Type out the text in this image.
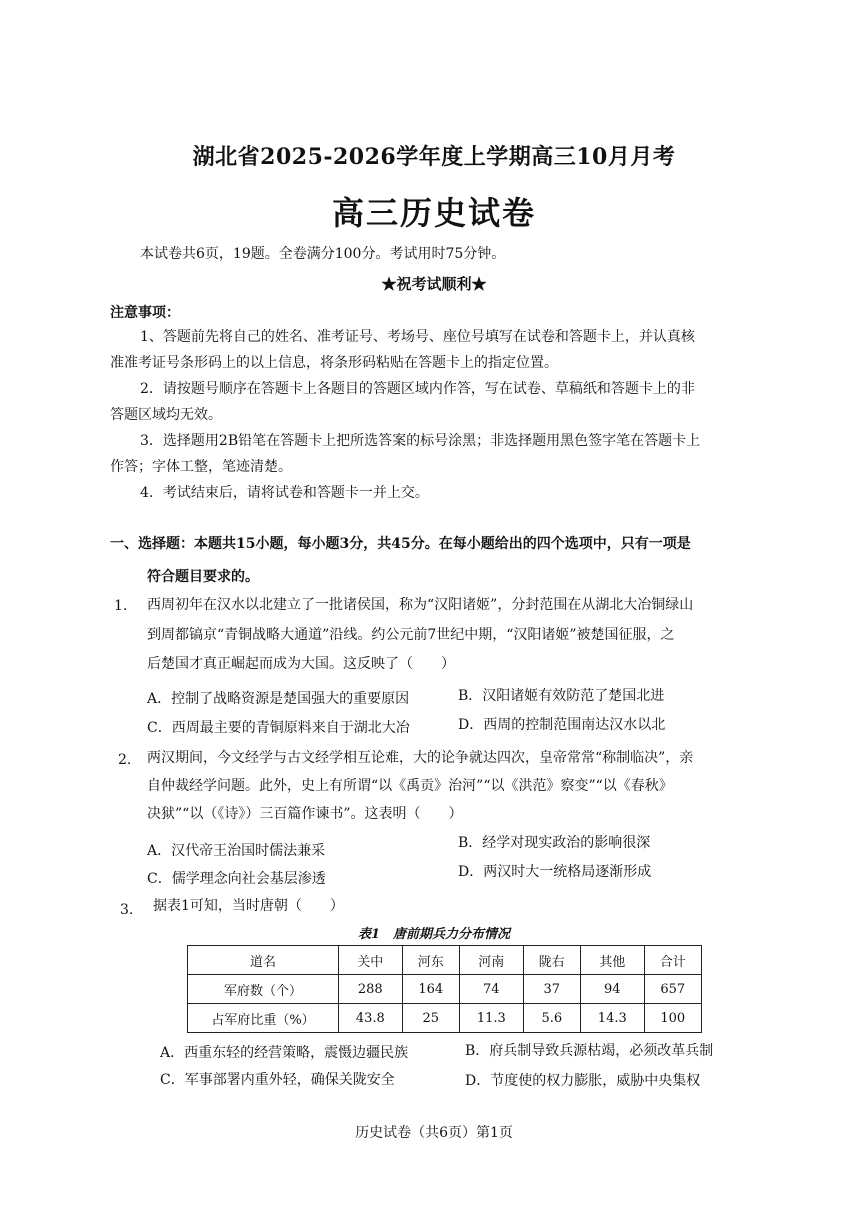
湖北省2025-2026学年度上学期高三10月月考
高三历史试卷
本试卷共6页，19题。全卷满分100分。考试用时75分钟。
★祝考试顺利★
注意事项：
1、答题前先将自己的姓名、准考证号、考场号、座位号填写在试卷和答题卡上，并认真核
准准考证号条形码上的以上信息，将条形码粘贴在答题卡上的指定位置。
2．请按题号顺序在答题卡上各题目的答题区域内作答，写在试卷、草稿纸和答题卡上的非
答题区域均无效。
3．选择题用2B铅笔在答题卡上把所选答案的标号涂黑；非选择题用黑色签字笔在答题卡上
作答；字体工整，笔迹清楚。
4．考试结束后，请将试卷和答题卡一并上交。
一、选择题：本题共15小题，每小题3分，共45分。在每小题给出的四个选项中，只有一项是
符合题目要求的。
1. 西周初年在汉水以北建立了一批诸侯国，称为“汉阳诸姬”，分封范围在从湖北大冶铜绿山
到周都镐京“青铜战略大通道”沿线。约公元前7世纪中期，“汉阳诸姬”被楚国征服，之
后楚国才真正崛起而成为大国。这反映了（　　）
A．控制了战略资源是楚国强大的重要原因	B．汉阳诸姬有效防范了楚国北进
C．西周最主要的青铜原料来自于湖北大冶	D．西周的控制范围南达汉水以北
2. 两汉期间，今文经学与古文经学相互论难，大的论争就达四次，皇帝常常“称制临决”，亲
自仲裁经学问题。此外，史上有所谓“以《禹贡》治河”“以《洪范》察变”“以《春秋》
决狱”“以（《诗》）三百篇作谏书”。这表明（　　）
A．汉代帝王治国时儒法兼采	B．经学对现实政治的影响很深
C．儒学理念向社会基层渗透	D．两汉时大一统格局逐渐形成
3. 据表1可知，当时唐朝（　　）
表1　唐前期兵力分布情况
道名	关中	河东	河南	陇右	其他	合计
军府数（个）	288	164	74	37	94	657
占军府比重（%）	43.8	25	11.3	5.6	14.3	100
A．西重东轻的经营策略，震慑边疆民族	B．府兵制导致兵源枯竭，必须改革兵制
C．军事部署内重外轻，确保关陇安全	D．节度使的权力膨胀，威胁中央集权
历史试卷（共6页）第1页
